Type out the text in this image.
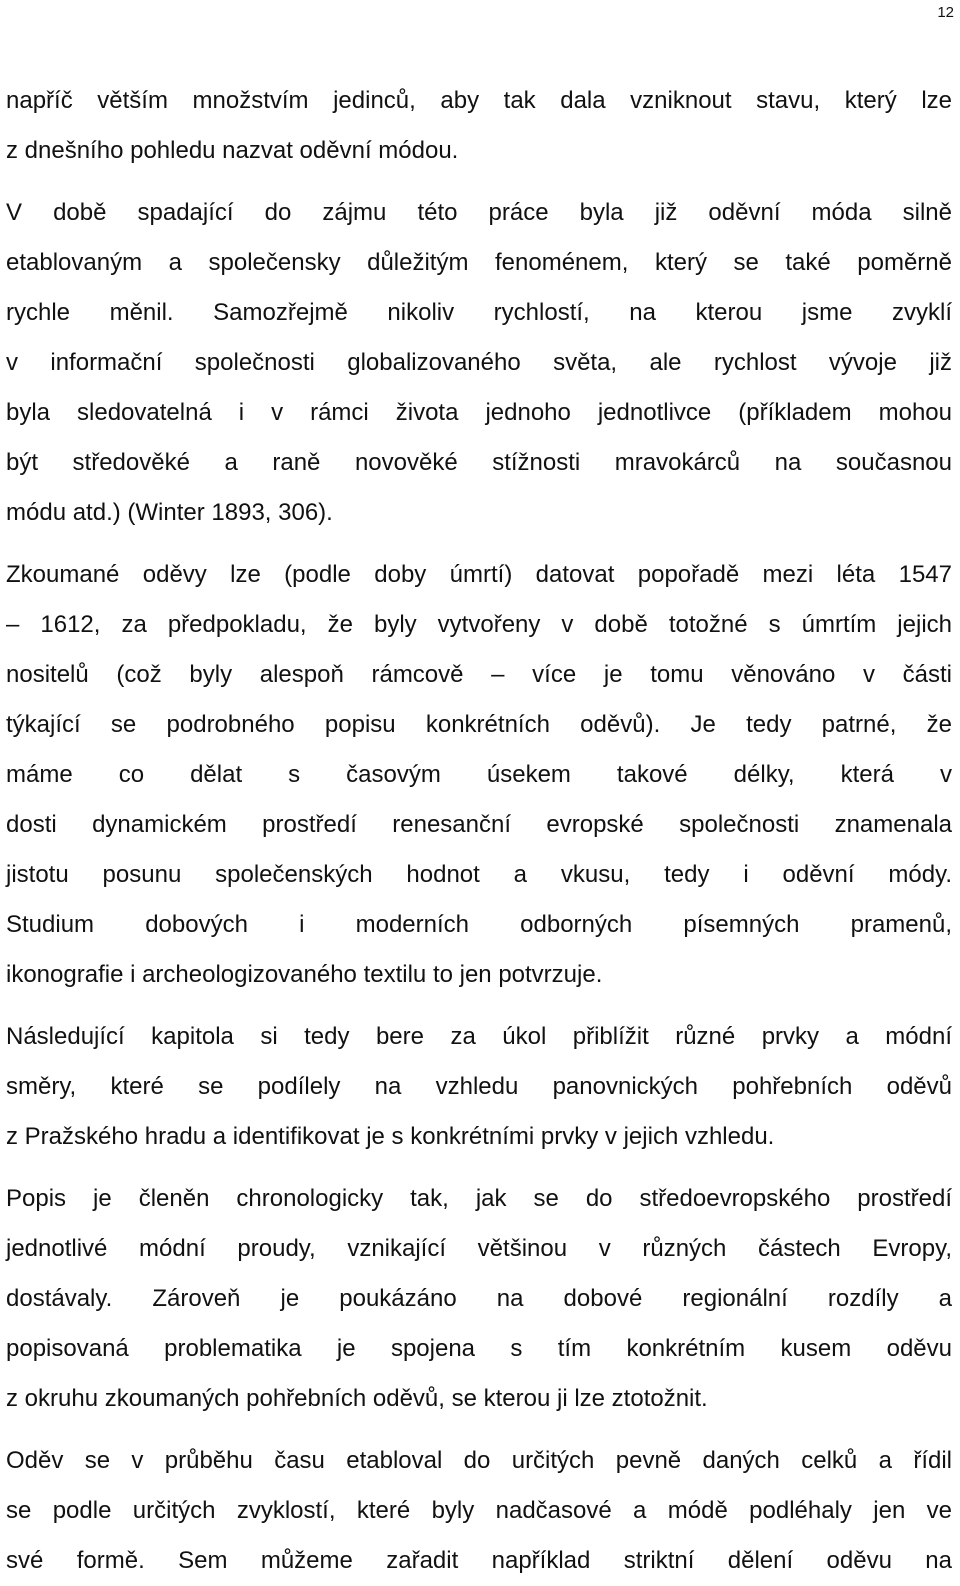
12
napříč větším množstvím jedinců, aby tak dala vzniknout stavu, který lze
z dnešního pohledu nazvat oděvní módou.
V době spadající do zájmu této práce byla již oděvní móda silně
etablovaným a společensky důležitým fenoménem, který se také poměrně
rychle měnil. Samozřejmě nikoliv rychlostí, na kterou jsme zvyklí
v informační společnosti globalizovaného světa, ale rychlost vývoje již
byla sledovatelná i v rámci života jednoho jednotlivce (příkladem mohou
být středověké a raně novověké stížnosti mravokárců na současnou
módu atd.) (Winter 1893, 306).
Zkoumané oděvy lze (podle doby úmrtí) datovat popořadě mezi léta 1547
– 1612, za předpokladu, že byly vytvořeny v době totožné s úmrtím jejich
nositelů (což byly alespoň rámcově – více je tomu věnováno v části
týkající se podrobného popisu konkrétních oděvů). Je tedy patrné, že
máme co dělat s časovým úsekem takové délky, která v
dosti dynamickém prostředí renesanční evropské společnosti znamenala
jistotu posunu společenských hodnot a vkusu, tedy i oděvní módy.
Studium dobových i moderních odborných písemných pramenů,
ikonografie i archeologizovaného textilu to jen potvrzuje.
Následující kapitola si tedy bere za úkol přiblížit různé prvky a módní
směry, které se podílely na vzhledu panovnických pohřebních oděvů
z Pražského hradu a identifikovat je s konkrétními prvky v jejich vzhledu.
Popis je členěn chronologicky tak, jak se do středoevropského prostředí
jednotlivé módní proudy, vznikající většinou v různých částech Evropy,
dostávaly. Zároveň je poukázáno na dobové regionální rozdíly a
popisovaná problematika je spojena s tím konkrétním kusem oděvu
z okruhu zkoumaných pohřebních oděvů, se kterou ji lze ztotožnit.
Oděv se v průběhu času etabloval do určitých pevně daných celků a řídil
se podle určitých zvyklostí, které byly nadčasové a módě podléhaly jen ve
své formě. Sem můžeme zařadit například striktní dělení oděvu na
